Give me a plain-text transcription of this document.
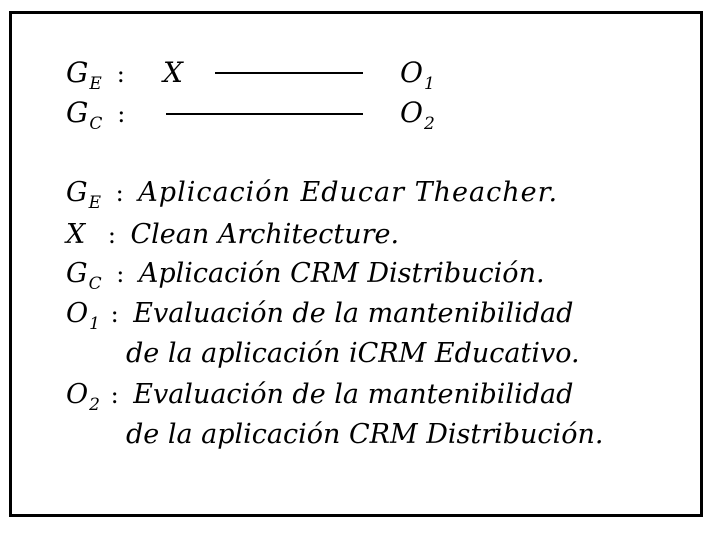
$G_E$ : X	$O_1$
$G_C$ :	$O_2$
$G_E$ : Aplicación Educar Theacher.
X : Clean Architecture.
$G_C$ : Aplicación CRM Distribución.
$O_1$ : Evaluación de la mantenibilidad
de la aplicación iCRM Educativo.
$O_2$ : Evaluación de la mantenibilidad
de la aplicación CRM Distribución.
